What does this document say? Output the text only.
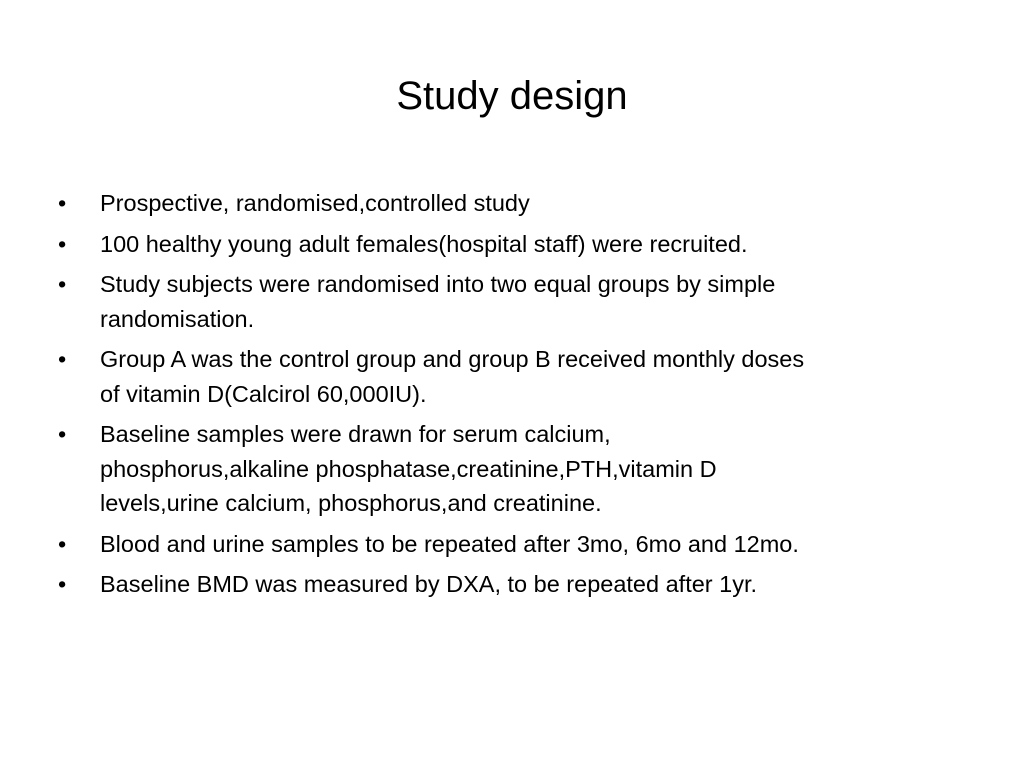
Study design
• Prospective, randomised,controlled study
• 100 healthy young adult females(hospital staff) were recruited.
• Study subjects were randomised into two equal groups by simple
randomisation.
• Group A was the control group and group B received monthly doses
of vitamin D(Calcirol 60,000IU).
• Baseline samples were drawn for serum calcium,
phosphorus,alkaline phosphatase,creatinine,PTH,vitamin D
levels,urine calcium, phosphorus,and creatinine.
• Blood and urine samples to be repeated after 3mo, 6mo and 12mo.
• Baseline BMD was measured by DXA, to be repeated after 1yr.
